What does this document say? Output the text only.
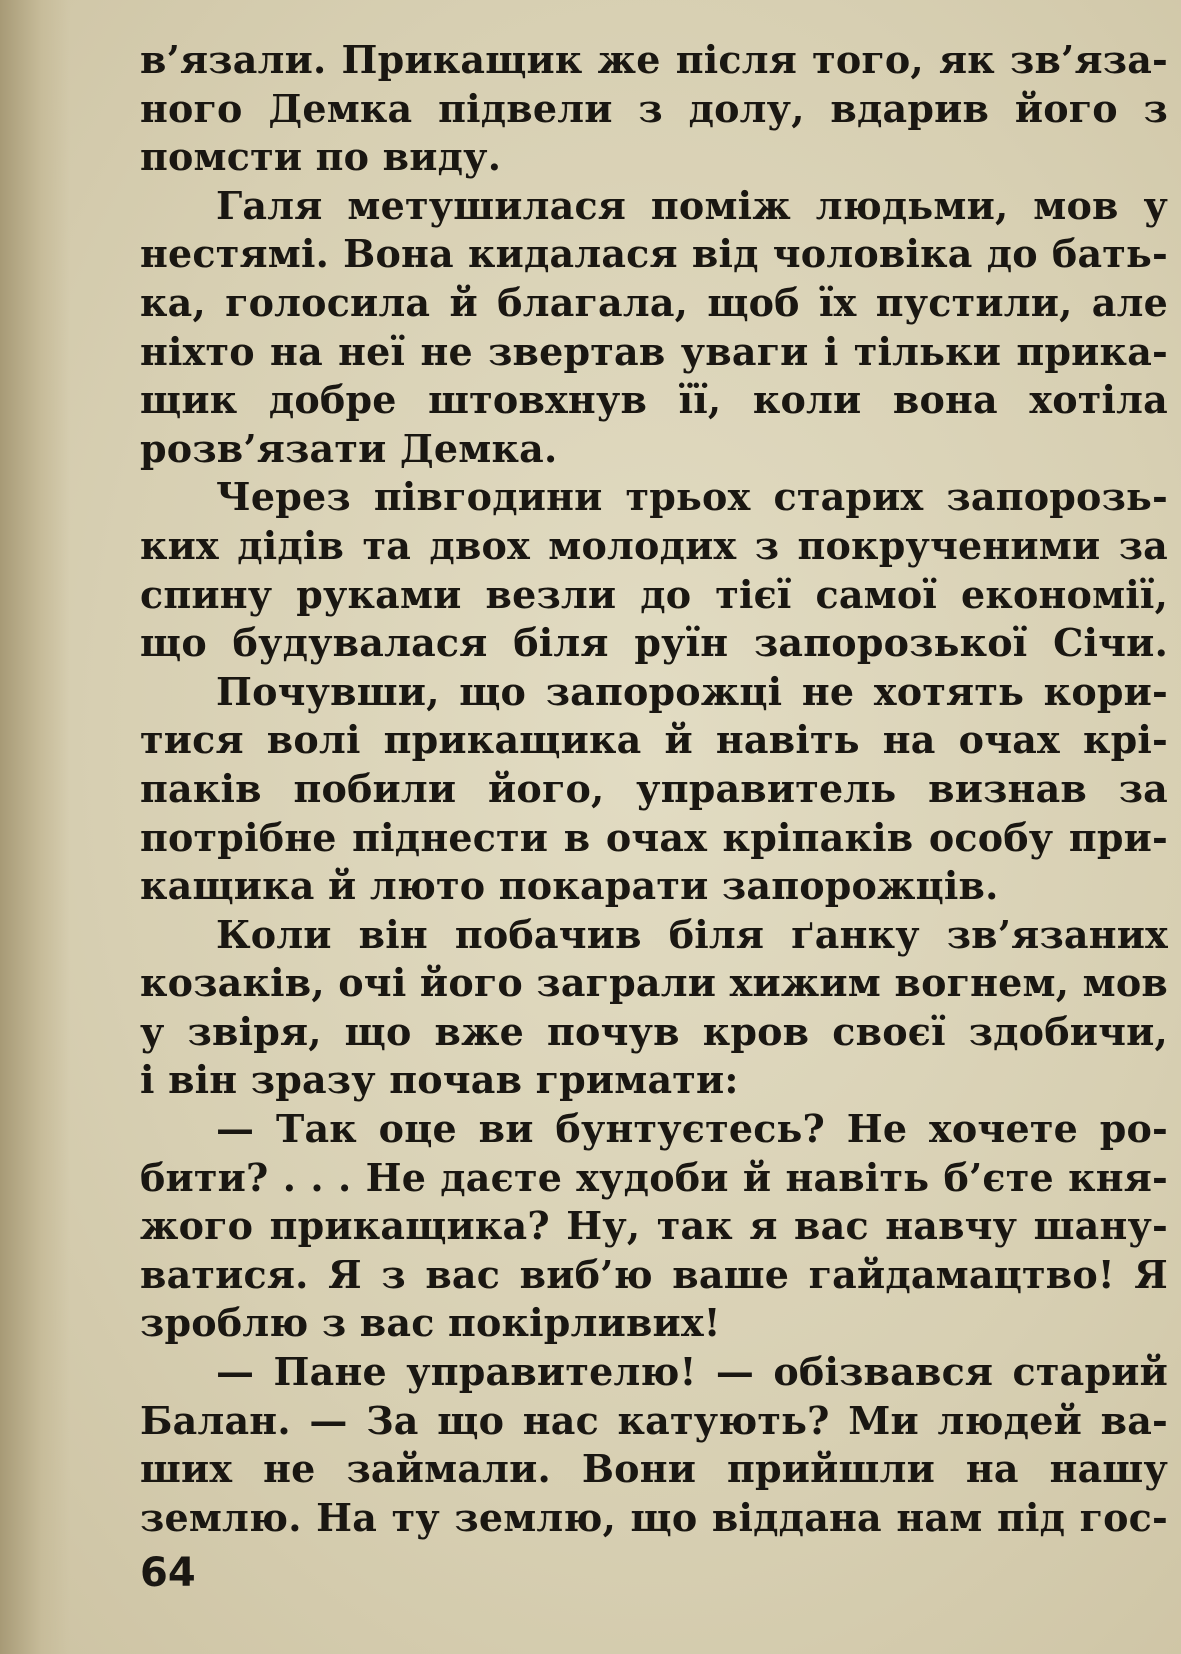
в’язали. Прикащик же після того, як зв’яза-
ного Демка підвели з долу, вдарив його з
помсти по виду.
Галя метушилася поміж людьми, мов у
нестямі. Вона кидалася від чоловіка до бать-
ка, голосила й благала, щоб їх пустили, але
ніхто на неї не звертав уваги і тільки прика-
щик добре штовхнув її, коли вона хотіла
розв’язати Демка.
Через півгодини трьох старих запорозь-
ких дідів та двох молодих з покрученими за
спину руками везли до тієї самої економії,
що будувалася біля руїн запорозької Січи.
Почувши, що запорожці не хотять кори-
тися волі прикащика й навіть на очах крі-
паків побили його, управитель визнав за
потрібне піднести в очах кріпаків особу при-
кащика й люто покарати запорожців.
Коли він побачив біля ґанку зв’язаних
козаків, очі його заграли хижим вогнем, мов
у звіря, що вже почув кров своєї здобичи,
і він зразу почав гримати:
— Так оце ви бунтуєтесь? Не хочете ро-
бити? . . . Не даєте худоби й навіть б’єте кня-
жого прикащика? Ну, так я вас навчу шану-
ватися. Я з вас виб’ю ваше гайдамацтво! Я
зроблю з вас покірливих!
— Пане управителю! — обізвався старий
Балан. — За що нас катують? Ми людей ва-
ших не займали. Вони прийшли на нашу
землю. На ту землю, що віддана нам під гос-
64
